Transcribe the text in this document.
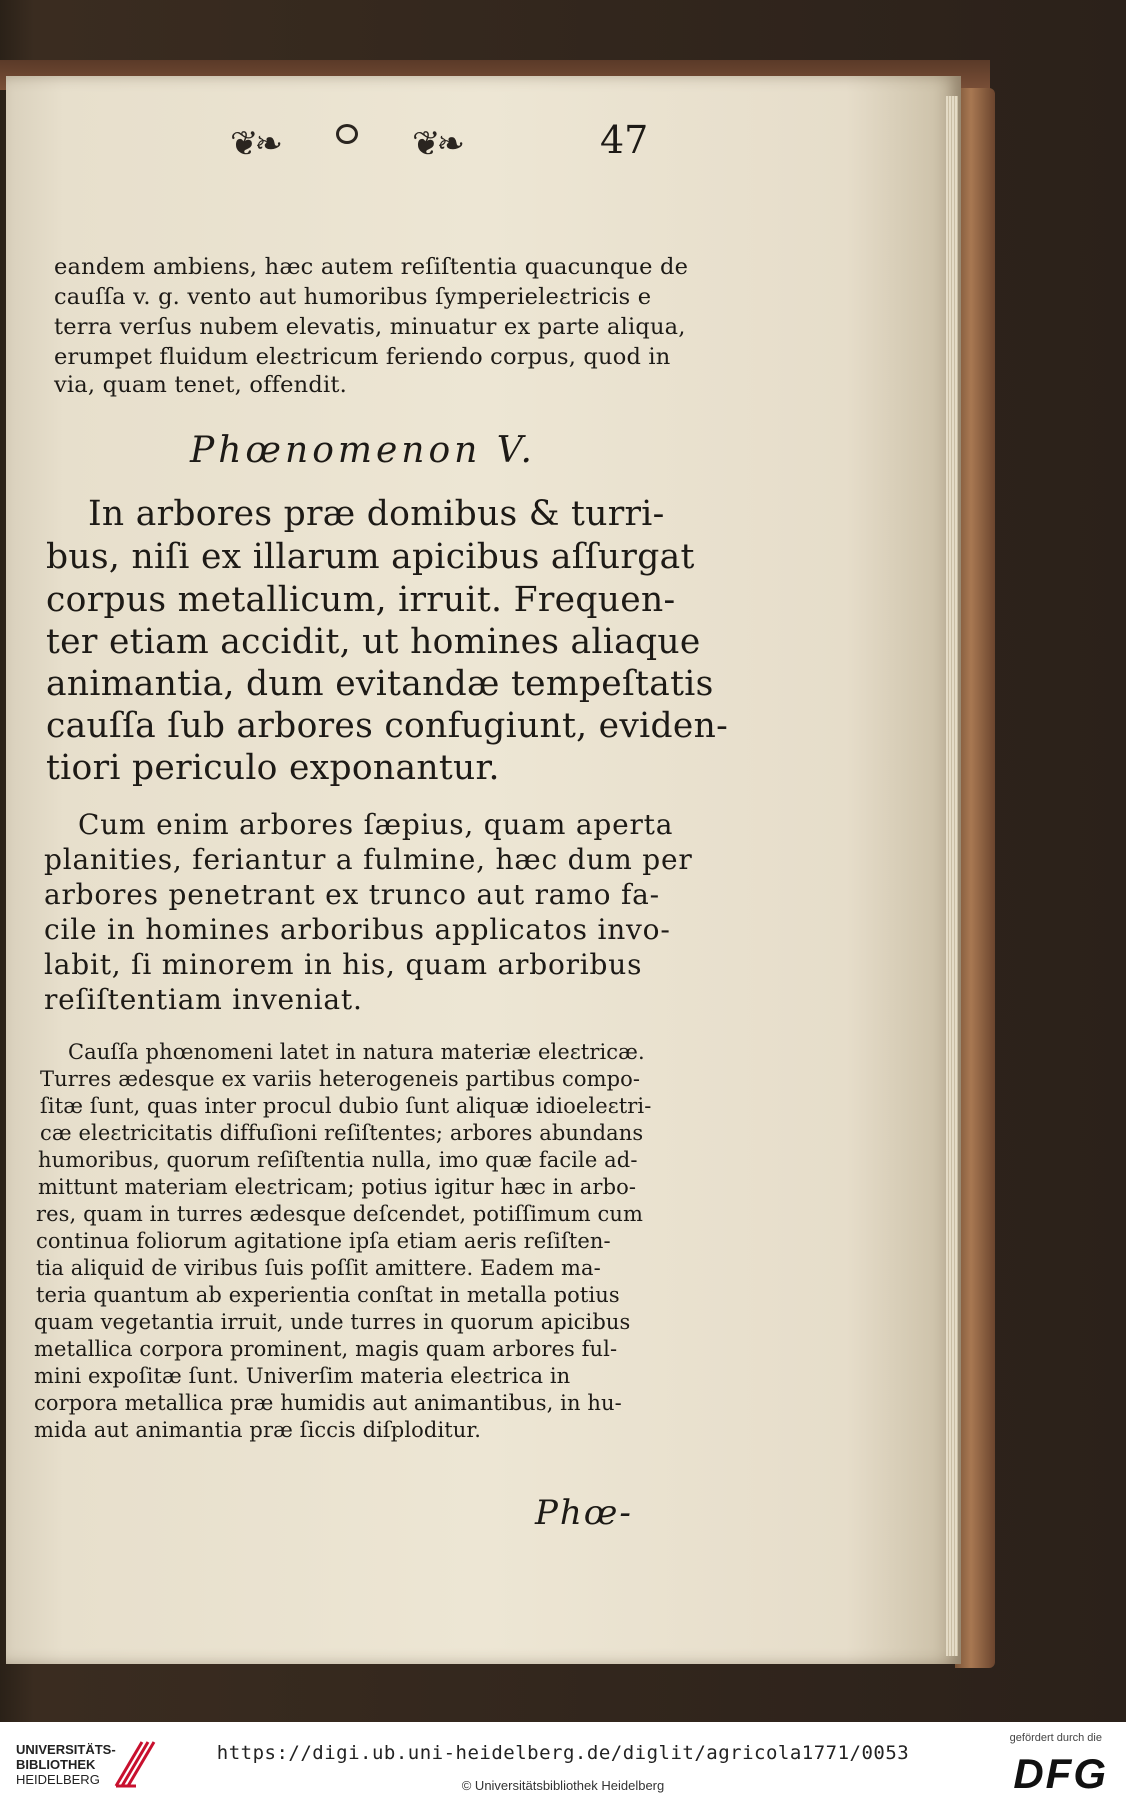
❦❧	❦❧	47

eandem ambiens, hæc autem reſiſtentia quacunque de

cauſſa v. g. vento aut humoribus ſymperieleɛtricis e

terra verſus nubem elevatis, minuatur ex parte aliqua,

erumpet fluidum eleɛtricum feriendo corpus, quod in

via, quam tenet, offendit.

Phœnomenon V.

In arbores præ domibus & turri-

bus, niſi ex illarum apicibus aſſurgat

corpus metallicum, irruit. Frequen-

ter etiam accidit, ut homines aliaque

animantia, dum evitandæ tempeſtatis

cauſſa ſub arbores confugiunt, eviden-

tiori periculo exponantur.

Cum enim arbores ſæpius, quam aperta

planities, feriantur a fulmine, hæc dum per

arbores penetrant ex trunco aut ramo fa-

cile in homines arboribus applicatos invo-

labit, ſi minorem in his, quam arboribus

reſiſtentiam inveniat.

Cauſſa phœnomeni latet in natura materiæ eleɛtricæ.

Turres ædesque ex variis heterogeneis partibus compo-

ſitæ ſunt, quas inter procul dubio ſunt aliquæ idioeleɛtri-

cæ eleɛtricitatis diffuſioni reſiſtentes; arbores abundans

humoribus, quorum reſiſtentia nulla, imo quæ facile ad-

mittunt materiam eleɛtricam; potius igitur hæc in arbo-

res, quam in turres ædesque deſcendet, potiſſimum cum

continua foliorum agitatione ipſa etiam aeris reſiſten-

tia aliquid de viribus ſuis poſſit amittere. Eadem ma-

teria quantum ab experientia conſtat in metalla potius

quam vegetantia irruit, unde turres in quorum apicibus

metallica corpora prominent, magis quam arbores ful-

mini expoſitæ ſunt. Univerſim materia eleɛtrica in

corpora metallica præ humidis aut animantibus, in hu-

mida aut animantia præ ſiccis diſploditur.

Phœ-
UNIVERSITÄTS-
BIBLIOTHEK
HEIDELBERG
https://digi.ub.uni-heidelberg.de/diglit/agricola1771/0053
© Universitätsbibliothek Heidelberg
gefördert durch die
DFG
